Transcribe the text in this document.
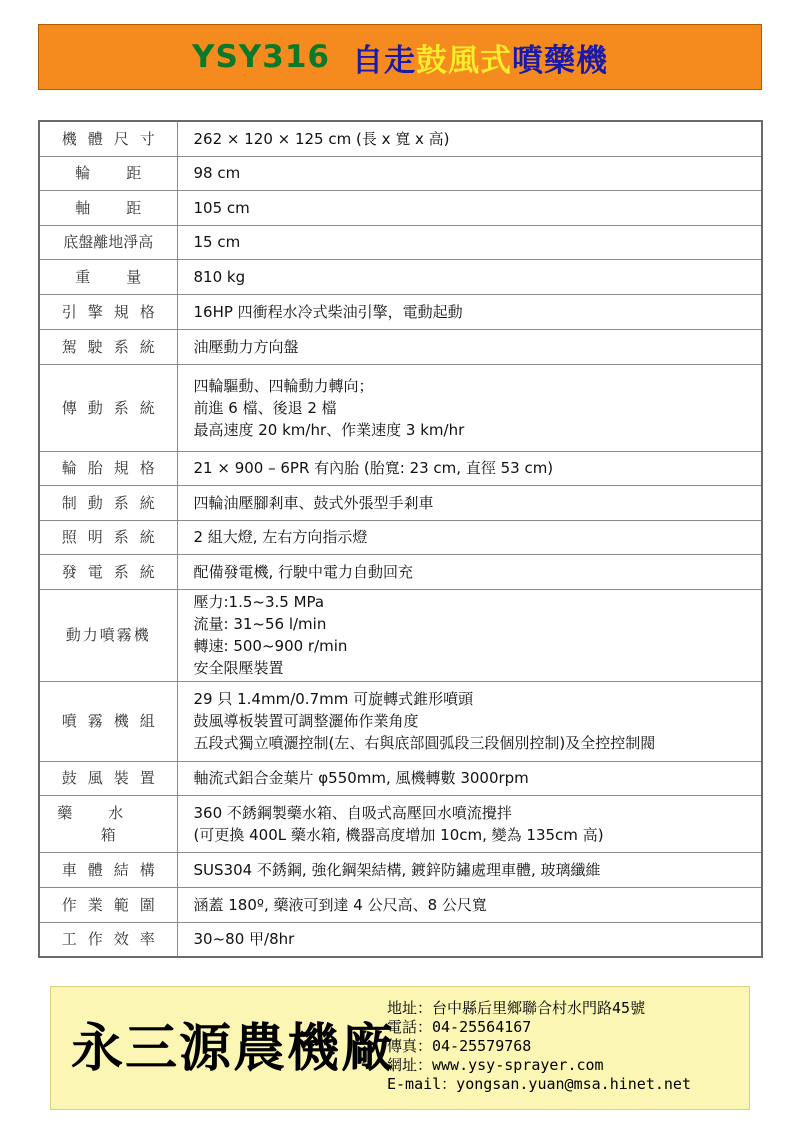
YSY316 自走 鼓風式 噴藥機
機體尺寸	262 × 120 × 125 cm (長 x 寬 x 高)

輪距	98 cm

軸距	105 cm

底盤離地淨高	15 cm

重量	810 kg

引擎規格	16HP 四衝程水冷式柴油引擎，電動起動

駕駛系統	油壓動力方向盤

傳動系統	四輪驅動、四輪動力轉向；
前進 6 檔、後退 2 檔
最高速度 20 km/hr、作業速度 3 km/hr

輪胎規格	21 × 900 – 6PR 有內胎 (胎寬: 23 cm, 直徑 53 cm)

制動系統	四輪油壓腳剎車、鼓式外張型手剎車

照明系統	2 組大燈, 左右方向指示燈

發電系統	配備發電機, 行駛中電力自動回充

動力噴霧機	壓力:1.5~3.5 MPa
流量: 31~56 l/min
轉速: 500~900 r/min
安全限壓裝置

噴霧機組	29 只 1.4mm/0.7mm 可旋轉式錐形噴頭
鼓風導板裝置可調整灑佈作業角度
五段式獨立噴灑控制(左、右與底部圓弧段三段個別控制)及全控控制閥

鼓風裝置	軸流式鋁合金葉片 φ550mm, 風機轉數 3000rpm

藥水箱	360 不銹鋼製藥水箱、自吸式高壓回水噴流攪拌
(可更換 400L 藥水箱, 機器高度增加 10cm, 變為 135cm 高)

車體結構	SUS304 不銹鋼, 強化鋼架結構, 鍍鋅防鏽處理車體, 玻璃纖維

作業範圍	涵蓋 180º, 藥液可到達 4 公尺高、8 公尺寬

工作效率	30~80 甲/8hr
永三源農機廠
地址：台中縣后里鄉聯合村水門路45號
電話：04-25564167
傳真：04-25579768
網址：www.ysy-sprayer.com
E-mail：yongsan.yuan@msa.hinet.net
